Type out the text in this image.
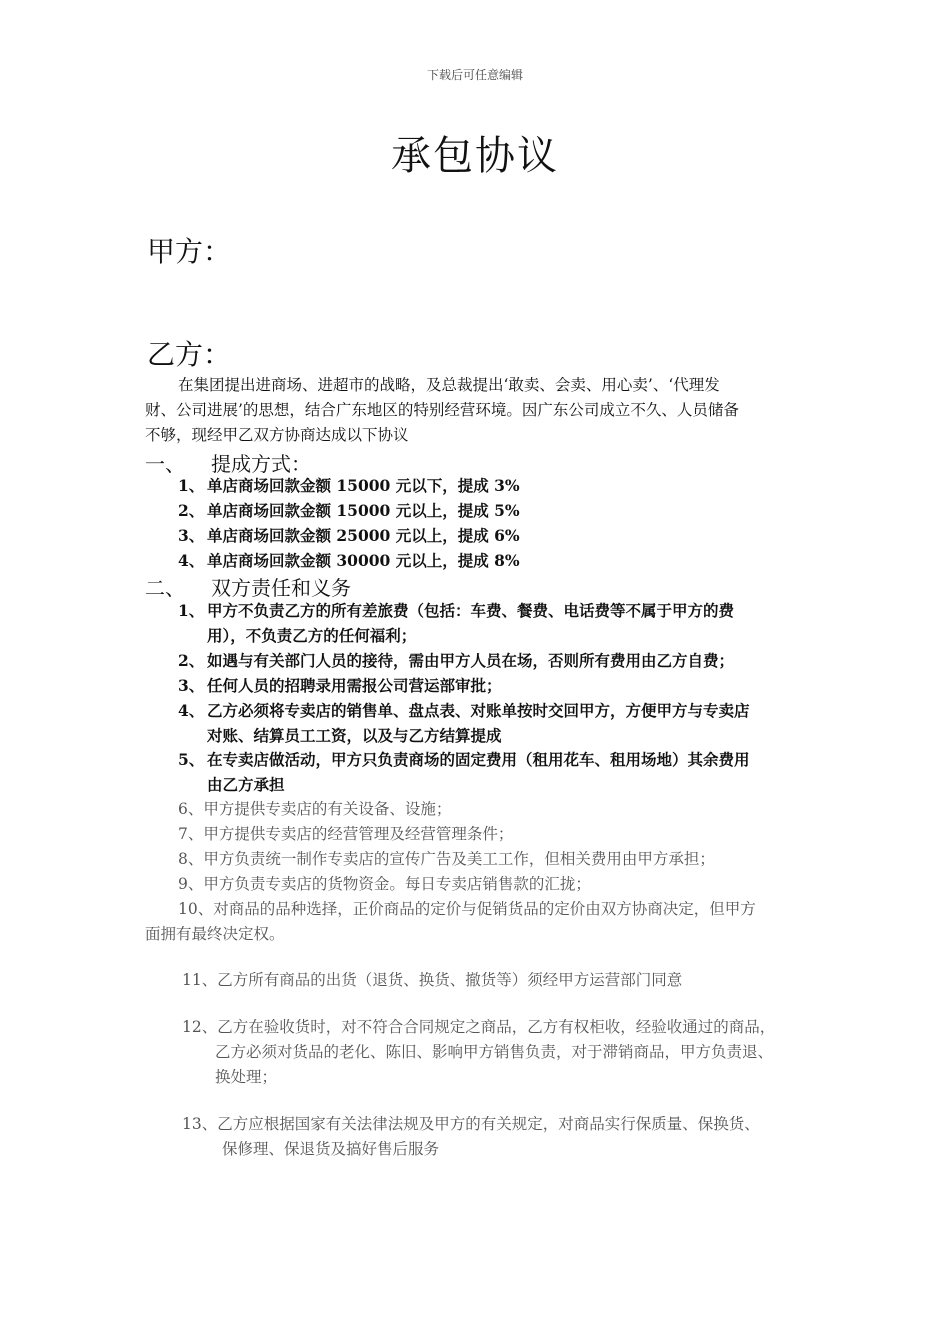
下载后可任意编辑
承包协议
甲方：
乙方：
在集团提出进商场、进超市的战略，及总裁提出‘敢卖、会卖、用心卖’、‘代理发
财、公司进展’的思想，结合广东地区的特别经营环境。因广东公司成立不久、人员储备
不够，现经甲乙双方协商达成以下协议
一、 提成方式：
1、 单店商场回款金额 15000 元以下，提成 3%
2、 单店商场回款金额 15000 元以上，提成 5%
3、 单店商场回款金额 25000 元以上，提成 6%
4、 单店商场回款金额 30000 元以上，提成 8%
二、 双方责任和义务
1、 甲方不负责乙方的所有差旅费（包括：车费、餐费、电话费等不属于甲方的费
用），不负责乙方的任何福利；
2、 如遇与有关部门人员的接待，需由甲方人员在场，否则所有费用由乙方自费；
3、 任何人员的招聘录用需报公司营运部审批；
4、 乙方必须将专卖店的销售单、盘点表、对账单按时交回甲方，方便甲方与专卖店
对账、结算员工工资，以及与乙方结算提成
5、 在专卖店做活动，甲方只负责商场的固定费用（租用花车、租用场地）其余费用
由乙方承担
6、甲方提供专卖店的有关设备、设施；
7、甲方提供专卖店的经营管理及经营管理条件；
8、甲方负责统一制作专卖店的宣传广告及美工工作，但相关费用由甲方承担；
9、甲方负责专卖店的货物资金。每日专卖店销售款的汇拢；
10、对商品的品种选择，正价商品的定价与促销货品的定价由双方协商决定，但甲方
面拥有最终决定权。
11、乙方所有商品的出货（退货、换货、撤货等）须经甲方运营部门同意
12、乙方在验收货时，对不符合合同规定之商品，乙方有权柜收，经验收通过的商品，
乙方必须对货品的老化、陈旧、影响甲方销售负责，对于滞销商品，甲方负责退、
换处理；
13、乙方应根据国家有关法律法规及甲方的有关规定，对商品实行保质量、保换货、
保修理、保退货及搞好售后服务
